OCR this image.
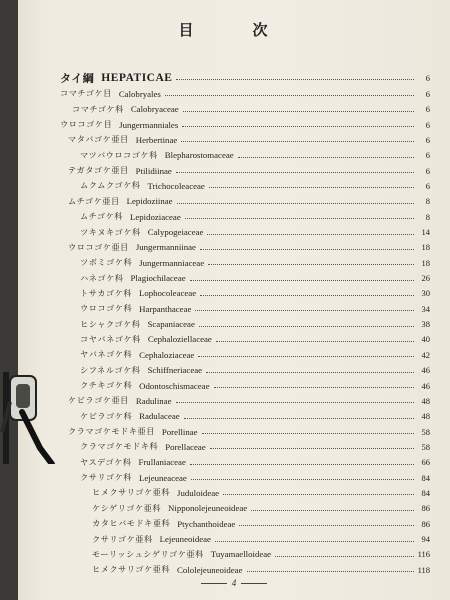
目　次
タイ綱 HEPATICAE	6
コマチゴケ目 Calobryales	6
コマチゴケ科 Calobryaceae	6
ウロコゴケ目 Jungermanniales	6
マタバゴケ亜目 Herbertinae	6
マツバウロコゴケ科 Blepharostomaceae	6
テガタゴケ亜目 Ptilidiinae	6
ムクムクゴケ科 Trichocoleaceae	6
ムチゴケ亜目 Lepidoziinae	8
ムチゴケ科 Lepidoziaceae	8
ツキヌキゴケ科 Calypogeiaceae	14
ウロコゴケ亜目 Jungermanniinae	18
ツボミゴケ科 Jungermanniaceae	18
ハネゴケ科 Plagiochilaceae	26
トサカゴケ科 Lophocoleaceae	30
ウロコゴケ科 Harpanthaceae	34
ヒシャクゴケ科 Scapaniaceae	38
コヤバネゴケ科 Cephaloziellaceae	40
ヤバネゴケ科 Cephaloziaceae	42
シフネルゴケ科 Schiffneriaceae	46
クチキゴケ科 Odontoschismaceae	46
ケビラゴケ亜目 Radulinae	48
ケビラゴケ科 Radulaceae	48
クラマゴケモドキ亜目 Porellinae	58
クラマゴケモドキ科 Porellaceae	58
ヤスデゴケ科 Frullaniaceae	66
クサリゴケ科 Lejeuneaceae	84
ヒメクサリゴケ亜科 Juduloideae	84
ケシゲリゴケ亜科 Nipponolejeuneoideae	86
カタヒバモドキ亜科 Ptychanthoideae	86
クサリゴケ亜科 Lejeuneoideae	94
モーリッシュシゲリゴケ亜科 Tuyamaelloideae	116
ヒメクサリゴケ亜科 Cololejeuneoideae	118
4
